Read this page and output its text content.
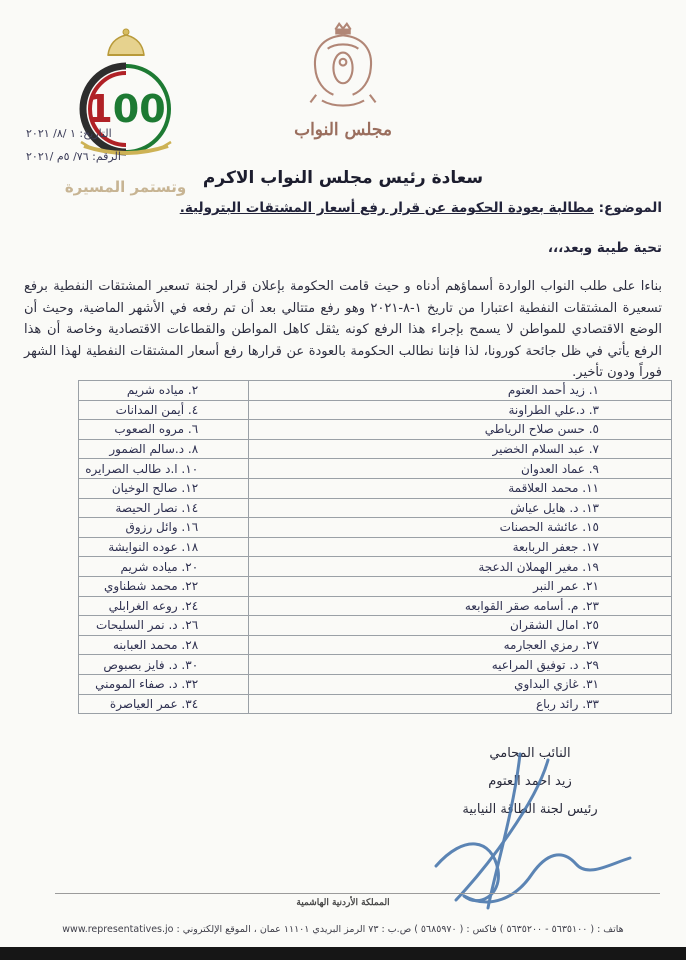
100
وتستمر المسيرة
مجلس النواب
التاريخ: ١ /٨/ ٢٠٢١
الرقم: ٧٦/ ٥م /٢٠٢١
سعادة رئيس مجلس النواب الاكرم
الموضوع: مطالبة بعودة الحكومة عن قرار رفع أسعار المشتقات البترولية.
تحية طيبة وبعد،،،

بناءا على طلب النواب الواردة أسماؤهم أدناه و حيث قامت الحكومة بإعلان قرار لجنة تسعير المشتقات النفطية برفع تسعيرة المشتقات النفطية اعتبارا من تاريخ ١-٨-٢٠٢١ وهو رفع متتالي بعد أن تم رفعه في الأشهر الماضية، وحيث أن الوضع الاقتصادي للمواطن لا يسمح بإجراء هذا الرفع كونه يثقل كاهل المواطن والقطاعات الاقتصادية وخاصة أن هذا الرفع يأتي في ظل جائحة كورونا، لذا فإننا نطالب الحكومة بالعودة عن قرارها رفع أسعار المشتقات النفطية لهذا الشهر فوراً ودون تأخير.

١. زيد أحمد العتوم	٢. مياده شريم
٣. د.علي الطراونة	٤. أيمن المدانات
٥. حسن صلاح الرياطي	٦. مروه الصعوب
٧. عبد السلام الخضير	٨. د.سالم الضمور
٩. عماد العدوان	١٠. ا.د طالب الصرايره
١١. محمد العلاقمة	١٢. صالح الوخيان
١٣. د. هايل عياش	١٤. نصار الحيصة
١٥. عائشة الحصنات	١٦. وائل رزوق
١٧. جعفر الربابعة	١٨. عوده النوايشة
١٩. مغير الهملان الدعجة	٢٠. مياده شريم
٢١. عمر النبر	٢٢. محمد شطناوي
٢٣. م. أسامه صقر القوابعه	٢٤. روعه الغرابلي
٢٥. امال الشقران	٢٦. د. نمر السليحات
٢٧. رمزي العجارمه	٢٨. محمد العبابنه
٢٩. د. توفيق المراعيه	٣٠. د. فايز بصبوص
٣١. غازي البداوي	٣٢. د. صفاء المومني
٣٣. رائد رباع	٣٤. عمر العياصرة
النائب المحامي
زيد احمد العتوم
رئيس لجنة الطاقة النيابية
المملكة الأردنية الهاشمية
هاتف : ( ٥٦٣٥١٠٠ - ٥٦٣٥٢٠٠ ) فاكس : ( ٥٦٨٥٩٧٠ ) ص.ب : ٧٣ الرمز البريدي ١١١٠١ عمان ، الموقع الإلكتروني : www.representatives.jo
